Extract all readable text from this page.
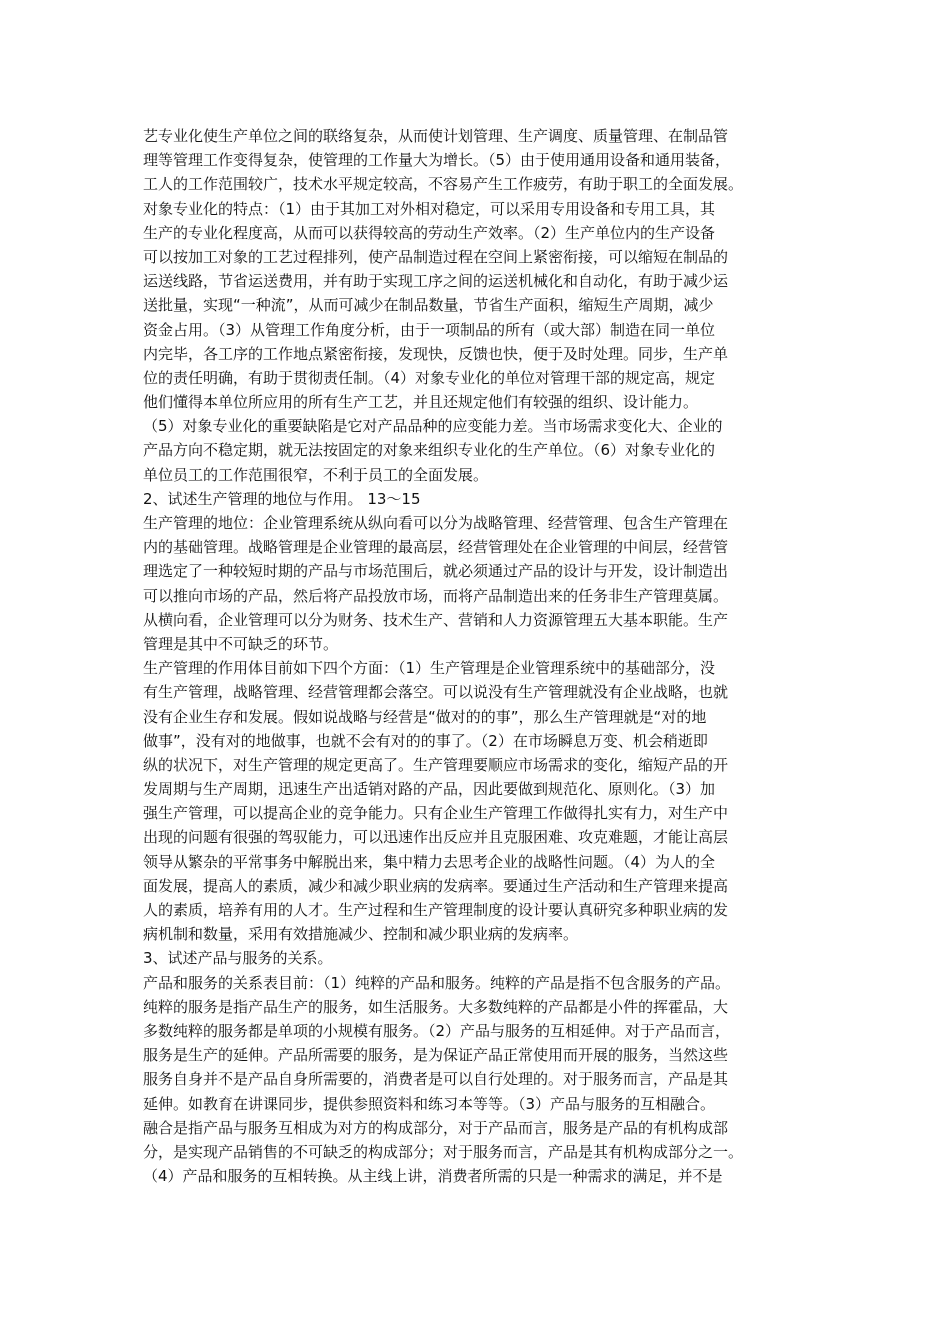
艺专业化使生产单位之间的联络复杂，从而使计划管理、生产调度、质量管理、在制品管
理等管理工作变得复杂，使管理的工作量大为增长。（5）由于使用通用设备和通用装备，
工人的工作范围较广，技术水平规定较高，不容易产生工作疲劳，有助于职工的全面发展。
对象专业化的特点：（1）由于其加工对外相对稳定，可以采用专用设备和专用工具，其
生产的专业化程度高，从而可以获得较高的劳动生产效率。（2）生产单位内的生产设备
可以按加工对象的工艺过程排列，使产品制造过程在空间上紧密衔接，可以缩短在制品的
运送线路，节省运送费用，并有助于实现工序之间的运送机械化和自动化，有助于减少运
送批量，实现“一种流”，从而可减少在制品数量，节省生产面积，缩短生产周期，减少
资金占用。（3）从管理工作角度分析，由于一项制品的所有（或大部）制造在同一单位
内完毕，各工序的工作地点紧密衔接，发现快，反馈也快，便于及时处理。同步，生产单
位的责任明确，有助于贯彻责任制。（4）对象专业化的单位对管理干部的规定高，规定
他们懂得本单位所应用的所有生产工艺，并且还规定他们有较强的组织、设计能力。
（5）对象专业化的重要缺陷是它对产品品种的应变能力差。当市场需求变化大、企业的
产品方向不稳定期，就无法按固定的对象来组织专业化的生产单位。（6）对象专业化的
单位员工的工作范围很窄，不利于员工的全面发展。
2、试述生产管理的地位与作用。 13～15
生产管理的地位：企业管理系统从纵向看可以分为战略管理、经营管理、包含生产管理在
内的基础管理。战略管理是企业管理的最高层，经营管理处在企业管理的中间层，经营管
理选定了一种较短时期的产品与市场范围后，就必须通过产品的设计与开发，设计制造出
可以推向市场的产品，然后将产品投放市场，而将产品制造出来的任务非生产管理莫属。
从横向看，企业管理可以分为财务、技术生产、营销和人力资源管理五大基本职能。生产
管理是其中不可缺乏的环节。
生产管理的作用体目前如下四个方面：（1）生产管理是企业管理系统中的基础部分，没
有生产管理，战略管理、经营管理都会落空。可以说没有生产管理就没有企业战略，也就
没有企业生存和发展。假如说战略与经营是“做对的的事”，那么生产管理就是“对的地
做事”，没有对的地做事，也就不会有对的的事了。（2）在市场瞬息万变、机会稍逝即
纵的状况下，对生产管理的规定更高了。生产管理要顺应市场需求的变化，缩短产品的开
发周期与生产周期，迅速生产出适销对路的产品，因此要做到规范化、原则化。（3）加
强生产管理，可以提高企业的竞争能力。只有企业生产管理工作做得扎实有力，对生产中
出现的问题有很强的驾驭能力，可以迅速作出反应并且克服困难、攻克难题，才能让高层
领导从繁杂的平常事务中解脱出来，集中精力去思考企业的战略性问题。（4）为人的全
面发展，提高人的素质，减少和减少职业病的发病率。要通过生产活动和生产管理来提高
人的素质，培养有用的人才。生产过程和生产管理制度的设计要认真研究多种职业病的发
病机制和数量，采用有效措施减少、控制和减少职业病的发病率。
3、试述产品与服务的关系。
产品和服务的关系表目前：（1）纯粹的产品和服务。纯粹的产品是指不包含服务的产品。
纯粹的服务是指产品生产的服务，如生活服务。大多数纯粹的产品都是小件的挥霍品，大
多数纯粹的服务都是单项的小规模有服务。（2）产品与服务的互相延伸。对于产品而言，
服务是生产的延伸。产品所需要的服务，是为保证产品正常使用而开展的服务，当然这些
服务自身并不是产品自身所需要的，消费者是可以自行处理的。对于服务而言，产品是其
延伸。如教育在讲课同步，提供参照资料和练习本等等。（3）产品与服务的互相融合。
融合是指产品与服务互相成为对方的构成部分，对于产品而言，服务是产品的有机构成部
分，是实现产品销售的不可缺乏的构成部分；对于服务而言，产品是其有机构成部分之一。
（4）产品和服务的互相转换。从主线上讲，消费者所需的只是一种需求的满足，并不是
